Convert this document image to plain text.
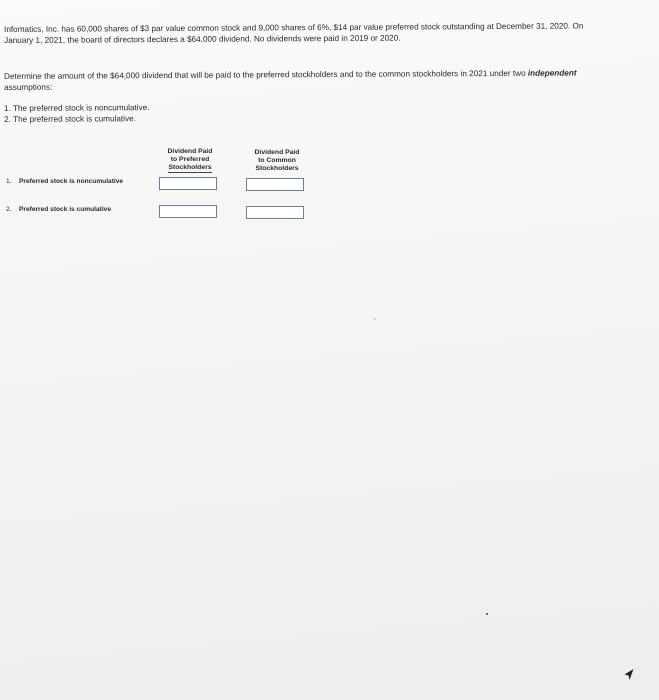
Infomatics, Inc. has 60,000 shares of $3 par value common stock and 9,000 shares of 6%, $14 par value preferred stock outstanding at December 31, 2020. On January 1, 2021, the board of directors declares a $64,000 dividend. No dividends were paid in 2019 or 2020.

Determine the amount of the $64,000 dividend that will be paid to the preferred stockholders and to the common stockholders in 2021 under two independent assumptions:

1. The preferred stock is noncumulative.
2. The preferred stock is cumulative.
Dividend Paid
to Preferred
Stockholders
Dividend Paid
to Common
Stockholders
1. Preferred stock is noncumulative
2. Preferred stock is cumulative
